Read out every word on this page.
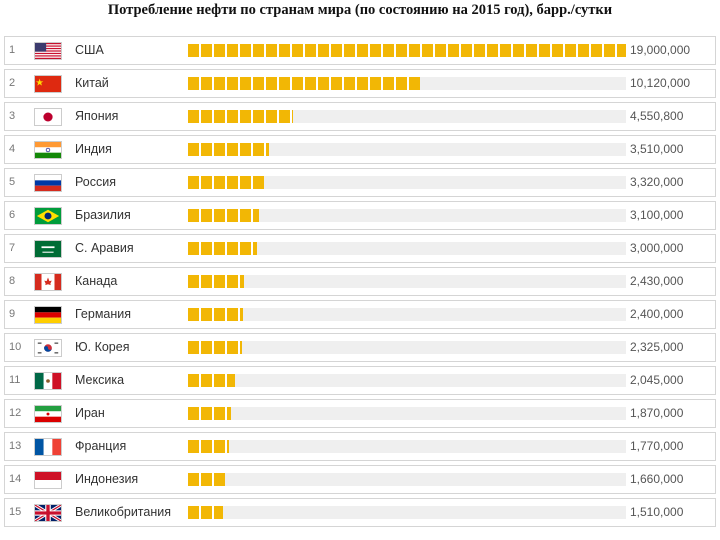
Потребление нефти по странам мира (по состоянию на 2015 год), барр./сутки
1	США	19,000,000
2	Китай	10,120,000
3	Япония	4,550,800
4	Индия	3,510,000
5	Россия	3,320,000
6	Бразилия	3,100,000
7	С. Аравия	3,000,000
8	Канада	2,430,000
9	Германия	2,400,000
10	Ю. Корея	2,325,000
11	Мексика	2,045,000
12	Иран	1,870,000
13	Франция	1,770,000
14	Индонезия	1,660,000
15	Великобритания	1,510,000
